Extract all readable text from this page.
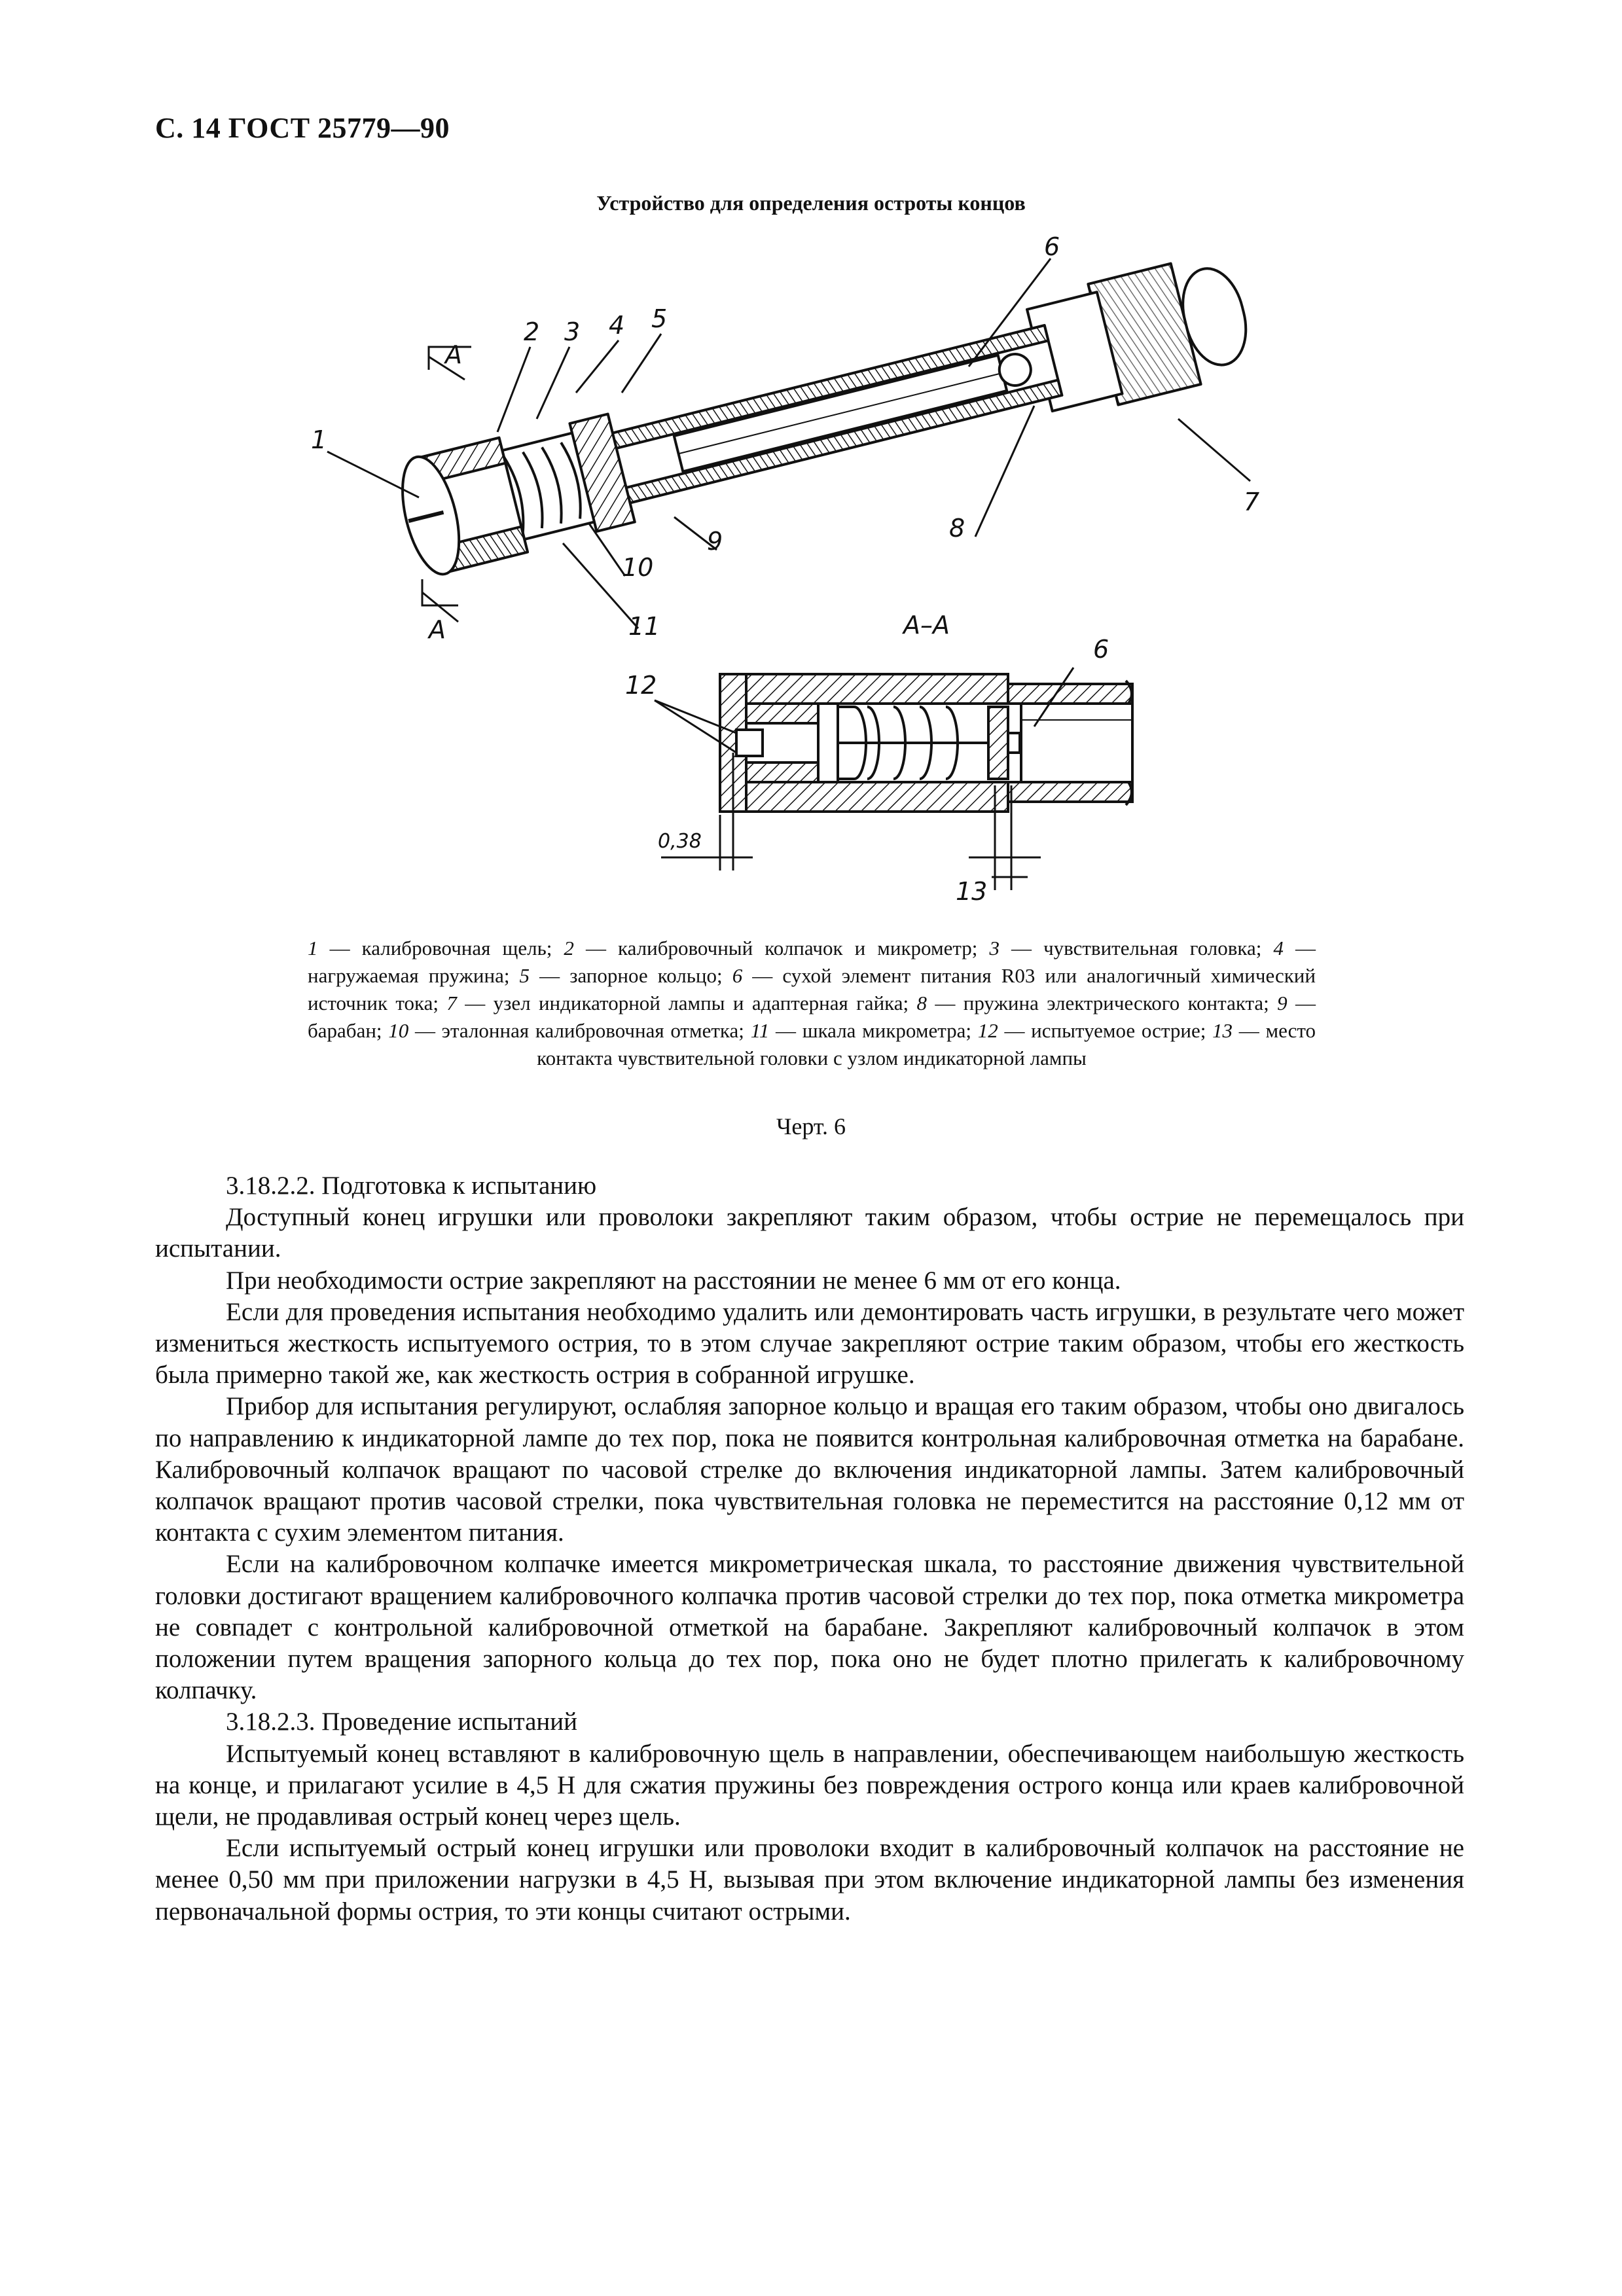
С. 14 ГОСТ 25779—90
Устройство для определения остроты концов
1
2 3 4 5
6
7
8
9
10
11
А
А	А–А
12
6
13
0,38
1 — калибровочная щель; 2 — калибровочный колпачок и микрометр; 3 — чувствительная головка; 4 — нагружаемая пружина; 5 — запорное кольцо; 6 — сухой элемент питания R03 или аналогичный химический источник тока; 7 — узел индикаторной лампы и адаптерная гайка; 8 — пружина электрического контакта; 9 — барабан; 10 — эталонная калибровочная отметка; 11 — шкала микрометра; 12 — испытуемое острие; 13 — место контакта чувствительной головки с узлом индикаторной лампы
Черт. 6

3.18.2.2. Подготовка к испытанию

Доступный конец игрушки или проволоки закрепляют таким образом, чтобы острие не перемещалось при испытании.

При необходимости острие закрепляют на расстоянии не менее 6 мм от его конца.

Если для проведения испытания необходимо удалить или демонтировать часть игрушки, в результате чего может измениться жесткость испытуемого острия, то в этом случае закрепляют острие таким образом, чтобы его жесткость была примерно такой же, как жесткость острия в собранной игрушке.

Прибор для испытания регулируют, ослабляя запорное кольцо и вращая его таким образом, чтобы оно двигалось по направлению к индикаторной лампе до тех пор, пока не появится контрольная калибровочная отметка на барабане. Калибровочный колпачок вращают по часовой стрелке до включения индикаторной лампы. Затем калибровочный колпачок вращают против часовой стрелки, пока чувствительная головка не переместится на расстояние 0,12 мм от контакта с сухим элементом питания.

Если на калибровочном колпачке имеется микрометрическая шкала, то расстояние движения чувствительной головки достигают вращением калибровочного колпачка против часовой стрелки до тех пор, пока отметка микрометра не совпадет с контрольной калибровочной отметкой на барабане. Закрепляют калибровочный колпачок в этом положении путем вращения запорного кольца до тех пор, пока оно не будет плотно прилегать к калибровочному колпачку.

3.18.2.3. Проведение испытаний

Испытуемый конец вставляют в калибровочную щель в направлении, обеспечивающем наибольшую жесткость на конце, и прилагают усилие в 4,5 Н для сжатия пружины без повреждения острого конца или краев калибровочной щели, не продавливая острый конец через щель.

Если испытуемый острый конец игрушки или проволоки входит в калибровочный колпачок на расстояние не менее 0,50 мм при приложении нагрузки в 4,5 Н, вызывая при этом включение индикаторной лампы без изменения первоначальной формы острия, то эти концы считают острыми.
